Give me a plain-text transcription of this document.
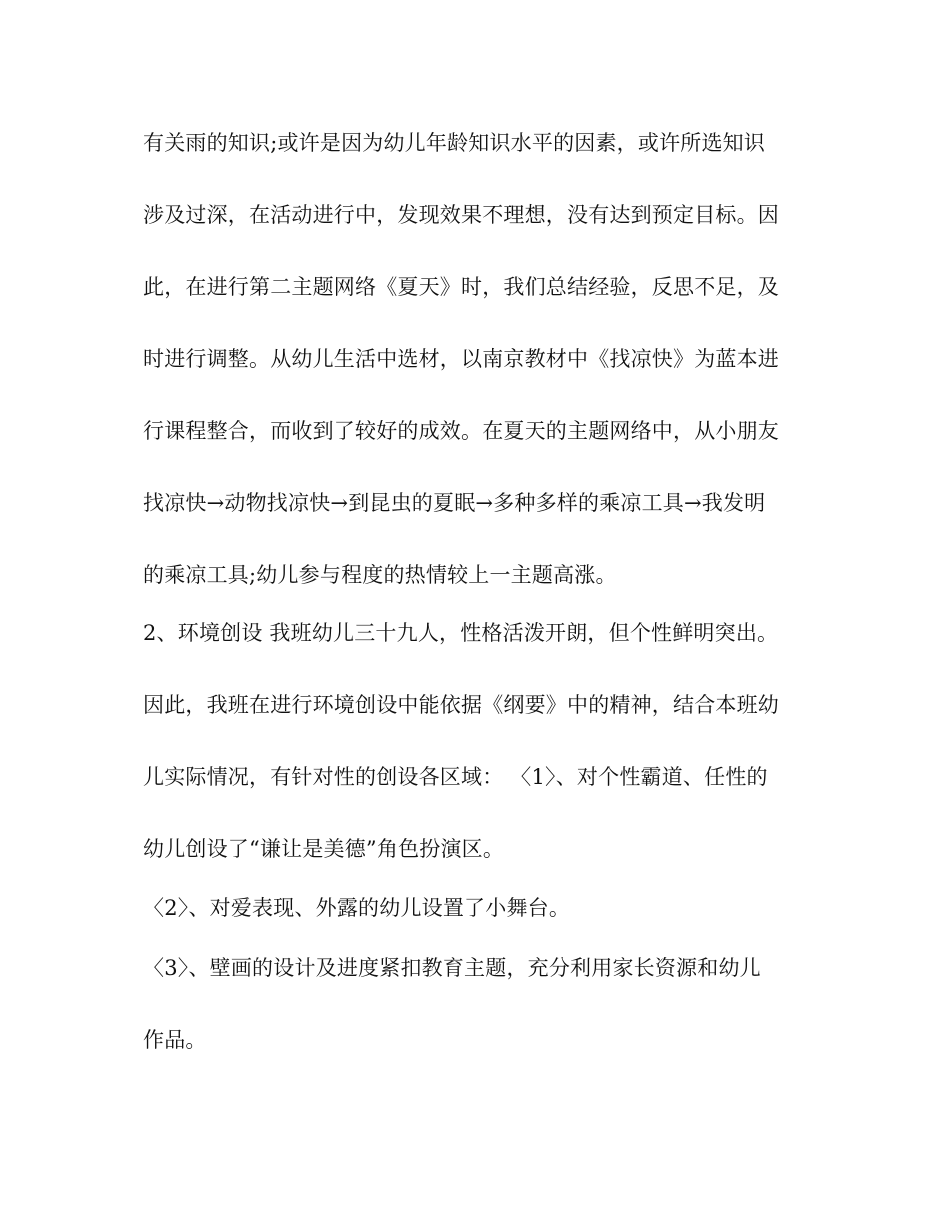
有关雨的知识;或许是因为幼儿年龄知识水平的因素，或许所选知识
涉及过深，在活动进行中，发现效果不理想，没有达到预定目标。因
此，在进行第二主题网络《夏天》时，我们总结经验，反思不足，及
时进行调整。从幼儿生活中选材，以南京教材中《找凉快》为蓝本进
行课程整合，而收到了较好的成效。在夏天的主题网络中，从小朋友
找凉快→动物找凉快→到昆虫的夏眠→多种多样的乘凉工具→我发明
的乘凉工具;幼儿参与程度的热情较上一主题高涨。
2、环境创设 我班幼儿三十九人，性格活泼开朗，但个性鲜明突出。
因此，我班在进行环境创设中能依据《纲要》中的精神，结合本班幼
儿实际情况，有针对性的创设各区域： 〈1〉、对个性霸道、任性的
幼儿创设了“谦让是美德”角色扮演区。
〈2〉、对爱表现、外露的幼儿设置了小舞台。
〈3〉、壁画的设计及进度紧扣教育主题，充分利用家长资源和幼儿
作品。
